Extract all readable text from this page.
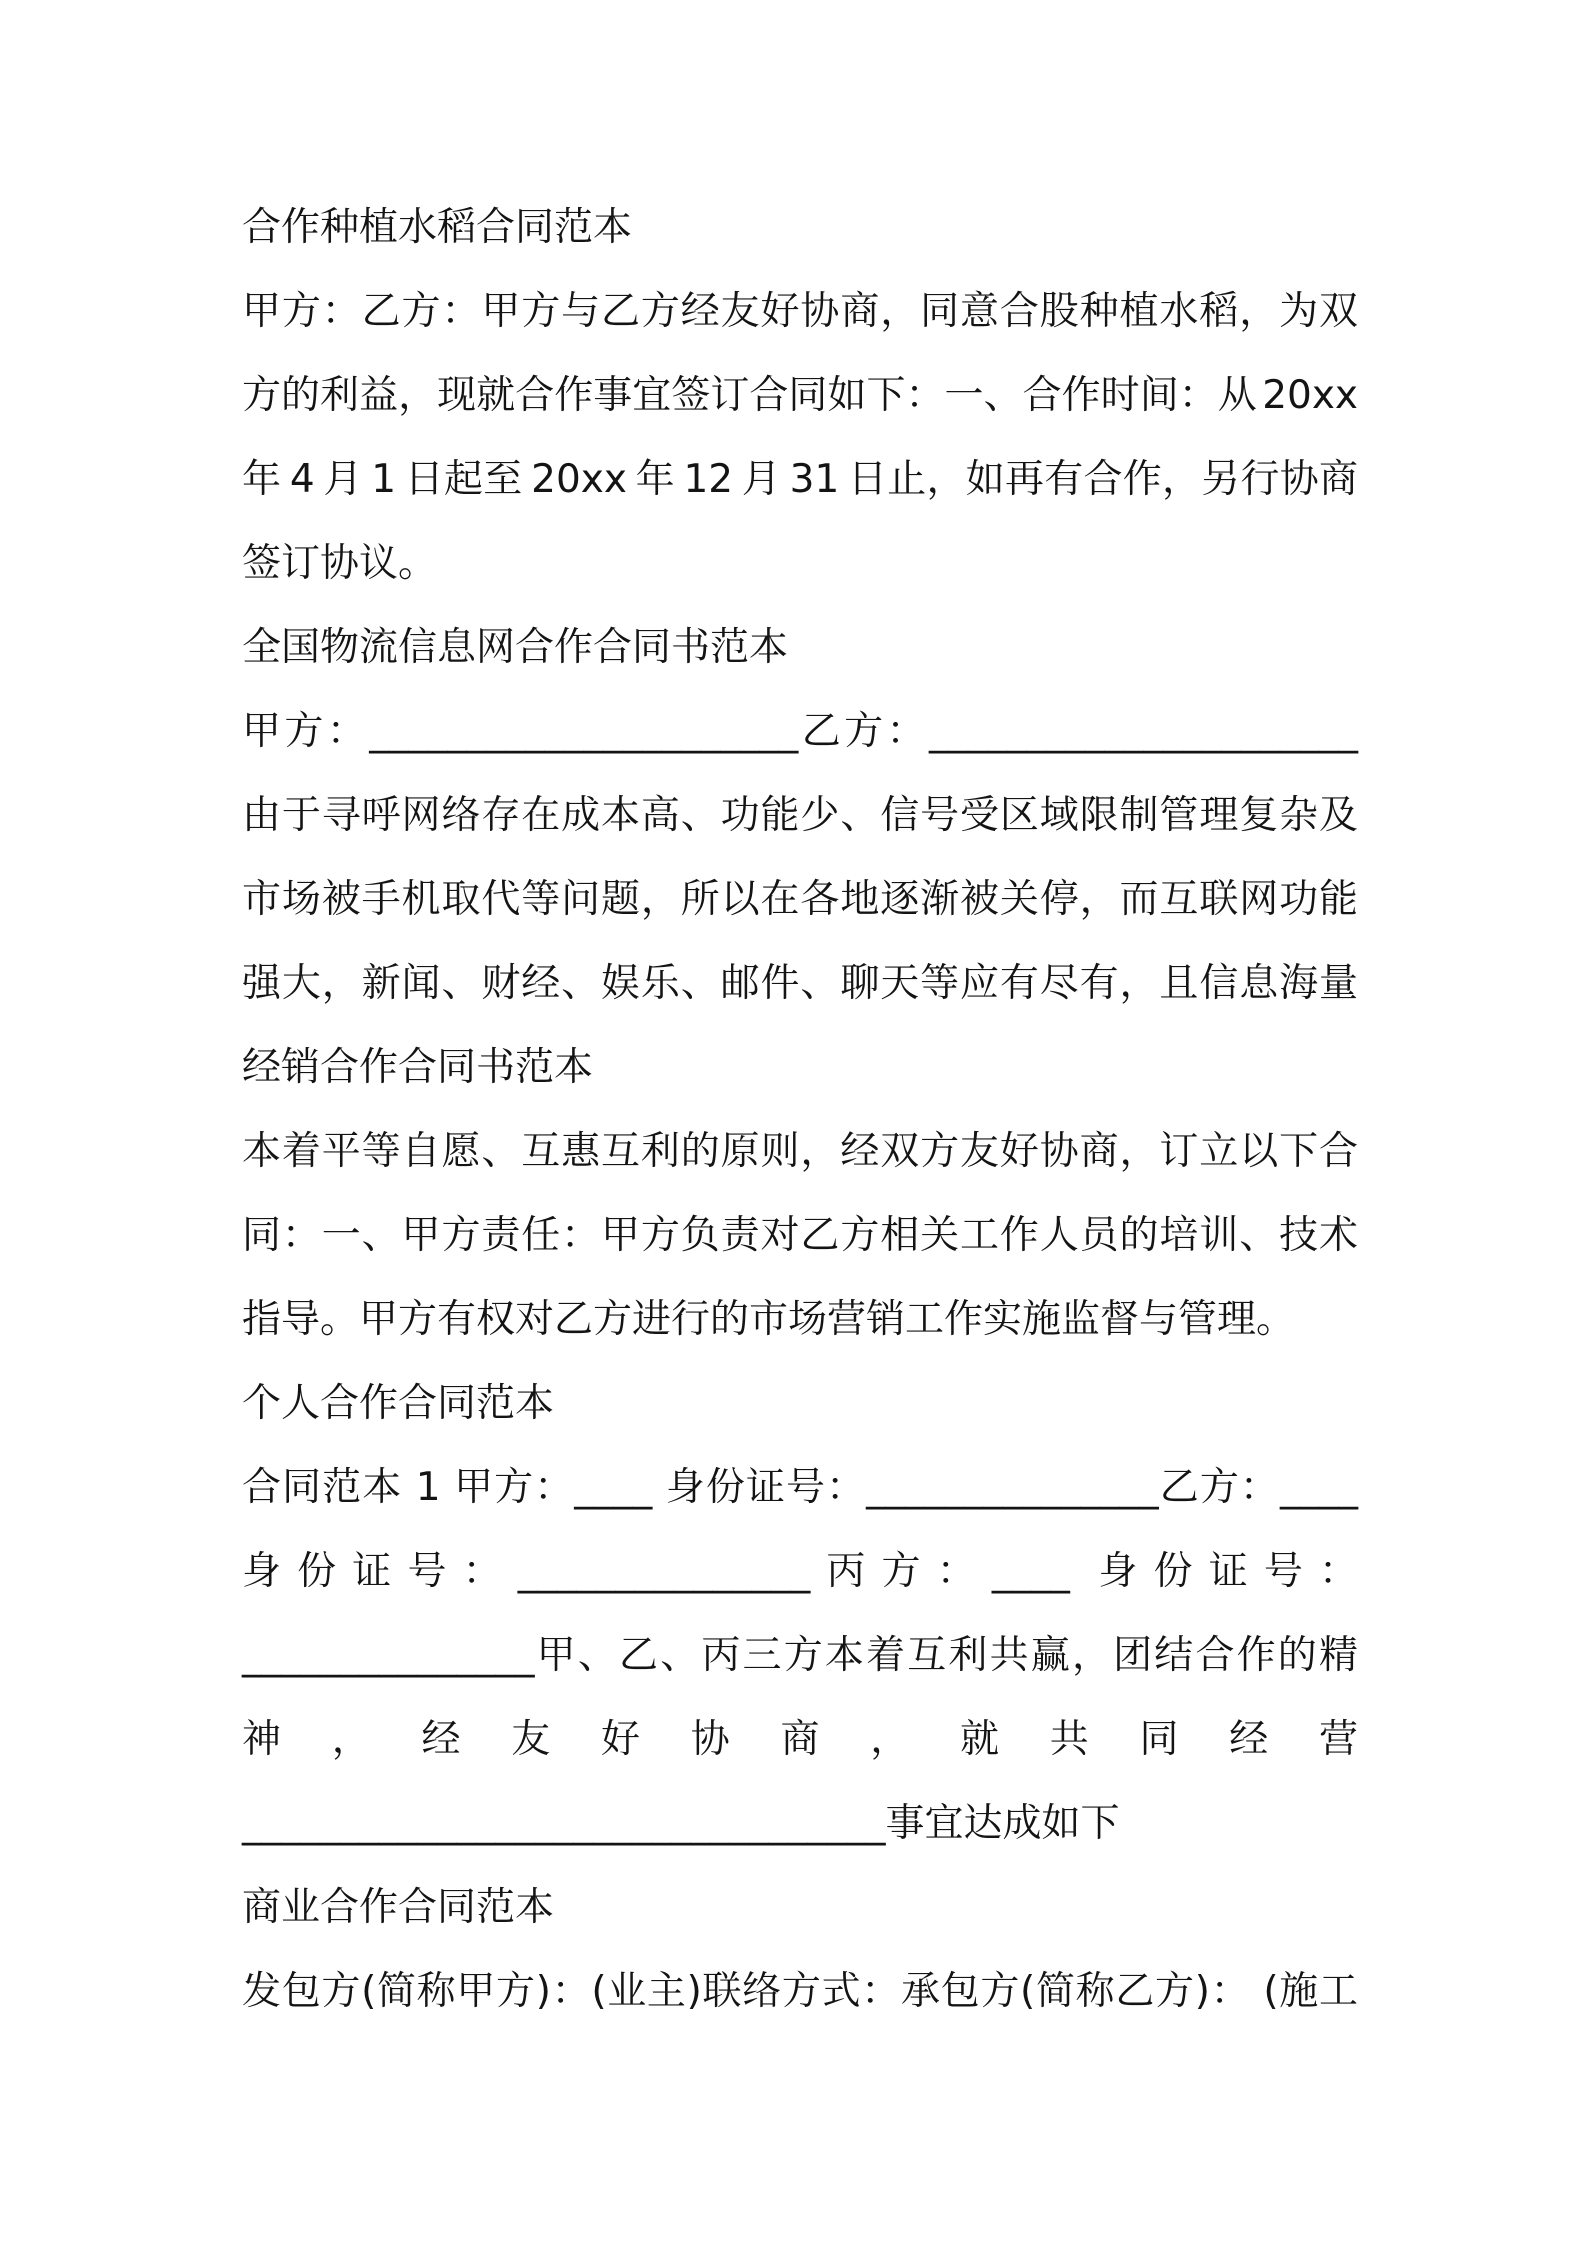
合作种植水稻合同范本
甲方：乙方：甲方与乙方经友好协商，同意合股种植水稻，为双
方的利益，现就合作事宜签订合同如下：一、合作时间：从 20xx
年 4 月 1 日起至 20xx 年 12 月 31 日止，如再有合作，另行协商
签订协议。
全国物流信息网合作合同书范本
甲方：______________________乙方：______________________
由于寻呼网络存在成本高、功能少、信号受区域限制管理复杂及
市场被手机取代等问题，所以在各地逐渐被关停，而互联网功能
强大，新闻、财经、娱乐、邮件、聊天等应有尽有，且信息海量
经销合作合同书范本
本着平等自愿、互惠互利的原则，经双方友好协商，订立以下合
同：一、甲方责任：甲方负责对乙方相关工作人员的培训、技术
指导。甲方有权对乙方进行的市场营销工作实施监督与管理。
个人合作合同范本
合同范本 1 甲方：____ 身份证号：_______________乙方：____
身份证号：_______________丙方：____ 身份证号：
_______________甲、乙、丙三方本着互利共赢，团结合作的精
神，经友好协商，就共同经营
_________________________________事宜达成如下
商业合作合同范本
发包方(简称甲方)：(业主)联络方式：承包方(简称乙方)： (施工
